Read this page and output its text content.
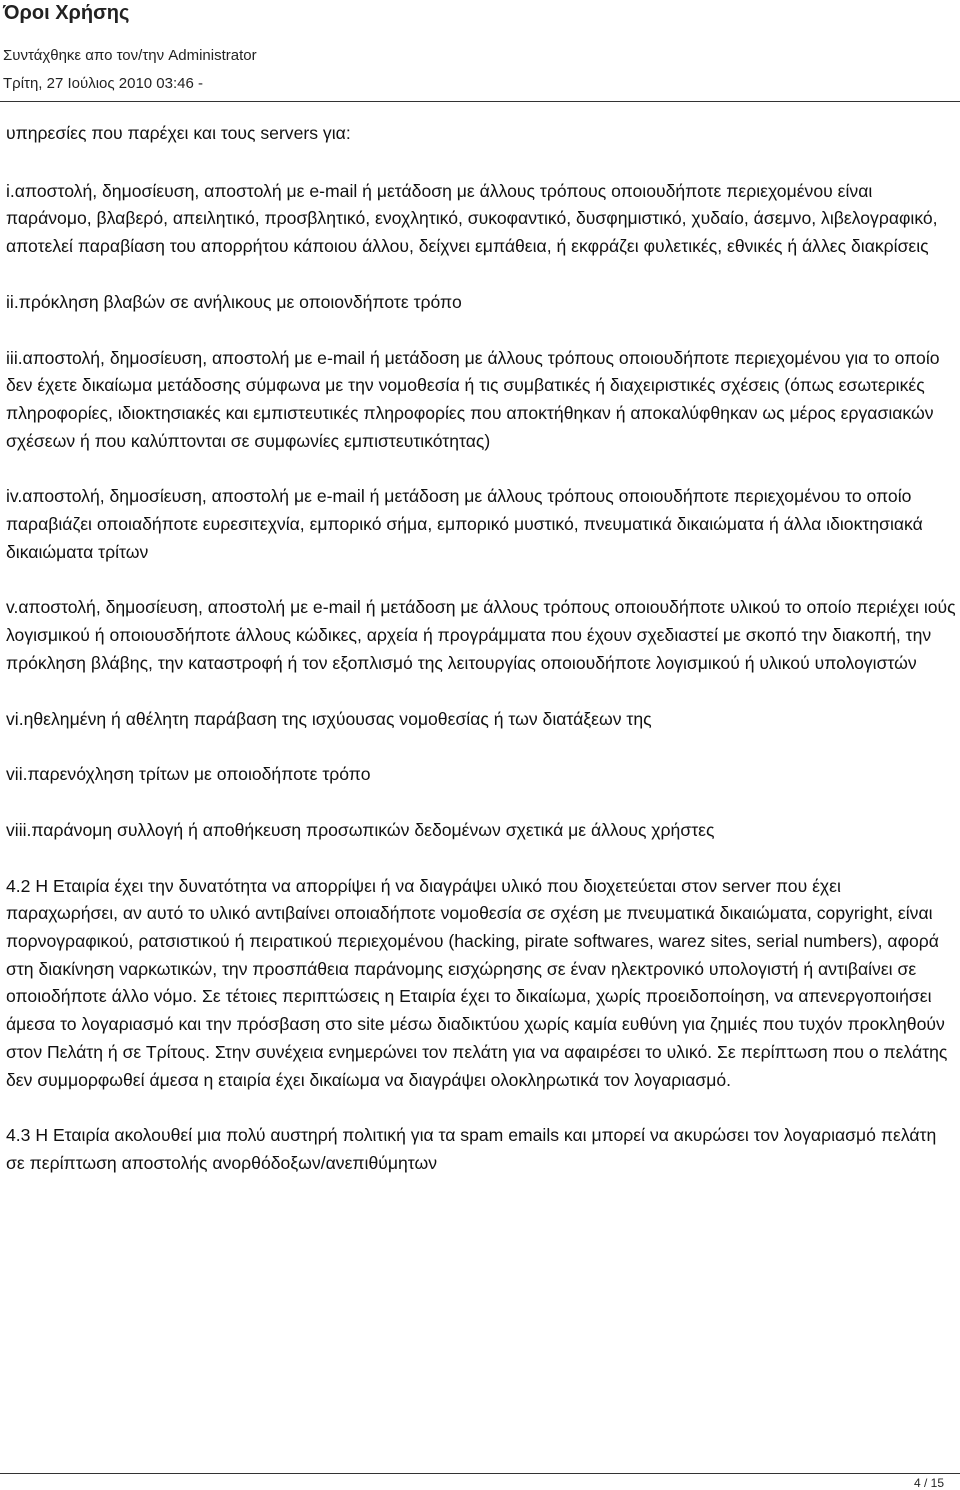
Όροι Χρήσης
Συντάχθηκε απο τον/την Administrator
Τρίτη, 27 Ιούλιος 2010 03:46 -

υπηρεσίες που παρέχει και τους servers για:

i.αποστολή, δημοσίευση, αποστολή με e-mail ή μετάδοση με άλλους τρόπους οποιουδήποτε περιεχομένου είναι παράνομο, βλαβερό, απειλητικό, προσβλητικό, ενοχλητικό, συκοφαντικό, δυσφημιστικό, χυδαίο, άσεμνο, λιβελογραφικό, αποτελεί παραβίαση του απορρήτου κάποιου άλλου, δείχνει εμπάθεια, ή εκφράζει φυλετικές, εθνικές ή άλλες διακρίσεις

ii.πρόκληση βλαβών σε ανήλικους με οποιονδήποτε τρόπο

iii.αποστολή, δημοσίευση, αποστολή με e-mail ή μετάδοση με άλλους τρόπους οποιουδήποτε περιεχομένου για το οποίο δεν έχετε δικαίωμα μετάδοσης σύμφωνα με την νομοθεσία ή τις συμβατικές ή διαχειριστικές σχέσεις (όπως εσωτερικές πληροφορίες, ιδιοκτησιακές και εμπιστευτικές πληροφορίες που αποκτήθηκαν ή αποκαλύφθηκαν ως μέρος εργασιακών σχέσεων ή που καλύπτονται σε συμφωνίες εμπιστευτικότητας)

iv.αποστολή, δημοσίευση, αποστολή με e-mail ή μετάδοση με άλλους τρόπους οποιουδήποτε περιεχομένου το οποίο παραβιάζει οποιαδήποτε ευρεσιτεχνία, εμπορικό σήμα, εμπορικό μυστικό, πνευματικά δικαιώματα ή άλλα ιδιοκτησιακά δικαιώματα τρίτων

v.αποστολή, δημοσίευση, αποστολή με e-mail ή μετάδοση με άλλους τρόπους οποιουδήποτε υλικού το οποίο περιέχει ιούς λογισμικού ή οποιουσδήποτε άλλους κώδικες, αρχεία ή προγράμματα που έχουν σχεδιαστεί με σκοπό την διακοπή, την πρόκληση βλάβης, την καταστροφή ή τον εξοπλισμό της λειτουργίας οποιουδήποτε λογισμικού ή υλικού υπολογιστών

vi.ηθελημένη ή αθέλητη παράβαση της ισχύουσας νομοθεσίας ή των διατάξεων της

vii.παρενόχληση τρίτων με οποιοδήποτε τρόπο

viii.παράνομη συλλογή ή αποθήκευση προσωπικών δεδομένων σχετικά με άλλους χρήστες

4.2 Η Εταιρία έχει την δυνατότητα να απορρίψει ή να διαγράψει υλικό που διοχετεύεται στον server που έχει παραχωρήσει, αν αυτό το υλικό αντιβαίνει οποιαδήποτε νομοθεσία σε σχέση με πνευματικά δικαιώματα, copyright, είναι πορνογραφικού, ρατσιστικού ή πειρατικού περιεχομένου (hacking, pirate softwares, warez sites, serial numbers), αφορά στη διακίνηση ναρκωτικών, την προσπάθεια παράνομης εισχώρησης σε έναν ηλεκτρονικό υπολογιστή ή αντιβαίνει σε οποιοδήποτε άλλο νόμο. Σε τέτοιες περιπτώσεις η Εταιρία έχει το δικαίωμα, χωρίς προειδοποίηση, να απενεργοποιήσει άμεσα το λογαριασμό και την πρόσβαση στο site μέσω διαδικτύου χωρίς καμία ευθύνη για ζημιές που τυχόν προκληθούν στον Πελάτη ή σε Τρίτους. Στην συνέχεια ενημερώνει τον πελάτη για να αφαιρέσει το υλικό. Σε περίπτωση που ο πελάτης δεν συμμορφωθεί άμεσα η εταιρία έχει δικαίωμα να διαγράψει ολοκληρωτικά τον λογαριασμό.

4.3 Η Εταιρία ακολουθεί μια πολύ αυστηρή πολιτική για τα spam emails και μπορεί να ακυρώσει τον λογαριασμό πελάτη σε περίπτωση αποστολής ανορθόδοξων/ανεπιθύμητων

4 / 15
